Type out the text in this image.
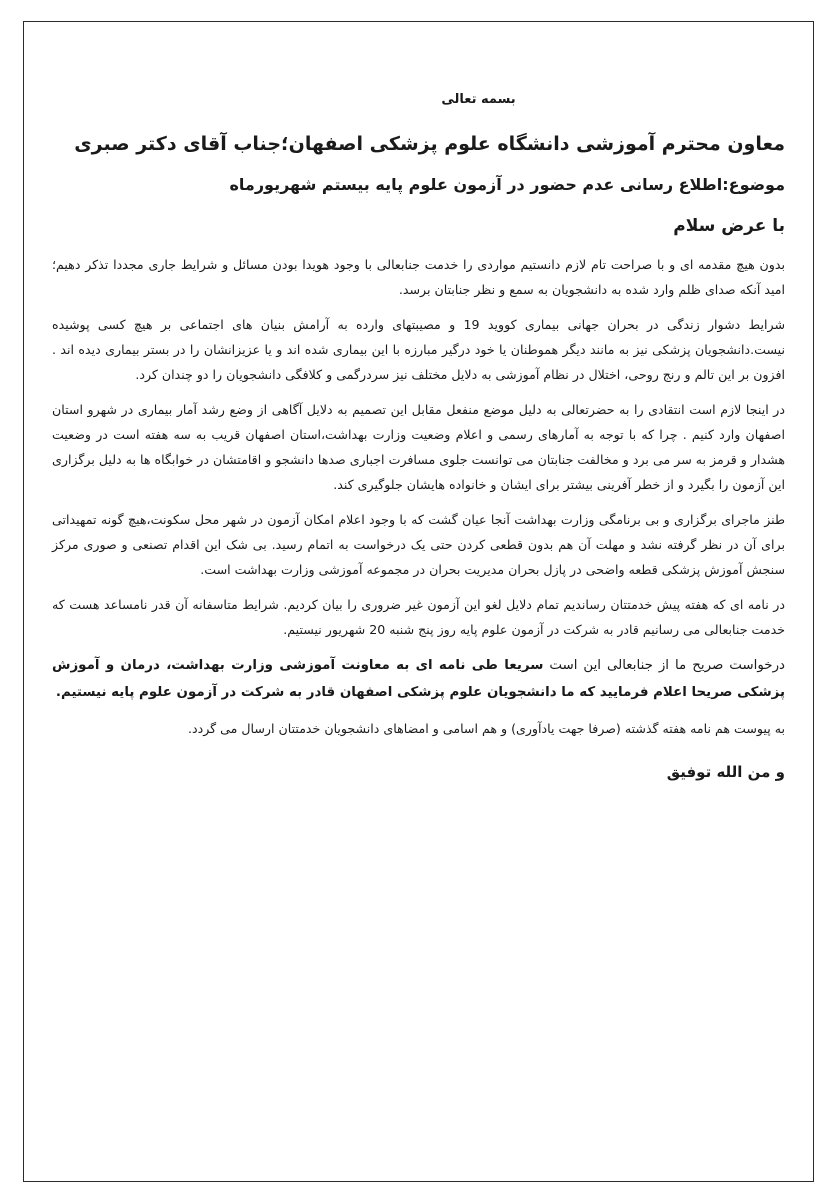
بسمه تعالی
معاون محترم آموزشی دانشگاه علوم پزشکی اصفهان؛جناب آقای دکتر صبری
موضوع:اطلاع رسانی عدم حضور در آزمون علوم پایه بیستم شهریورماه
با عرض سلام

بدون هیچ مقدمه ای و با صراحت تام لازم دانستیم مواردی را خدمت جنابعالی با وجود هویدا بودن مسائل و شرایط جاری مجددا تذکر دهیم؛امید آنکه صدای ظلم وارد شده به دانشجویان به سمع و نظر جنابتان برسد.

شرایط دشوار زندگی در بحران جهانی بیماری کووید 19 و مصیبتهای وارده به آرامش بنیان های اجتماعی بر هیچ کسی پوشیده نیست.دانشجویان پزشکی نیز به مانند دیگر هموطنان یا خود درگیر مبارزه با این بیماری شده اند و یا عزیزانشان را در بستر بیماری دیده اند . افزون بر این تالم و رنج روحی، اختلال در نظام آموزشی به دلایل مختلف نیز سردرگمی و کلافگی دانشجویان را دو چندان کرد.

در اینجا لازم است انتقادی را به حضرتعالی به دلیل موضع منفعل مقابل این تصمیم به دلایل آگاهی از وضع رشد آمار بیماری در شهرو استان اصفهان وارد کنیم . چرا که با توجه به آمارهای رسمی و اعلام وضعیت وزارت بهداشت،استان اصفهان قریب به سه هفته است در وضعیت هشدار و قرمز به سر می برد و مخالفت جنابتان می توانست جلوی مسافرت اجباری صدها دانشجو و اقامتشان در خوابگاه ها به دلیل برگزاری این آزمون را بگیرد و از خطر آفرینی بیشتر برای ایشان و خانواده هایشان جلوگیری کند.

طنز ماجرای برگزاری و بی برنامگی وزارت بهداشت آنجا عیان گشت که با وجود اعلام امکان آزمون در شهر محل سکونت،هیچ گونه تمهیداتی برای آن در نظر گرفته نشد و مهلت آن هم بدون قطعی کردن حتی یک درخواست به اتمام رسید. بی شک این اقدام تصنعی و صوری مرکز سنجش آموزش پزشکی قطعه واضحی در پازل بحران مدیریت بحران در مجموعه آموزشی وزارت بهداشت است.

در نامه ای که هفته پیش خدمتتان رساندیم تمام دلایل لغو این آزمون غیر ضروری را بیان کردیم. شرایط متاسفانه آن قدر نامساعد هست که خدمت جنابعالی می رسانیم قادر به شرکت در آزمون علوم پایه روز پنج شنبه 20 شهریور نیستیم.

درخواست صریح ما از جنابعالی این است سریعا طی نامه ای به معاونت آموزشی وزارت بهداشت، درمان و آموزش پزشکی صریحا اعلام فرمایید که ما دانشجویان علوم پزشکی اصفهان قادر به شرکت در آزمون علوم پایه نیستیم.

به پیوست هم نامه هفته گذشته (صرفا جهت یادآوری) و هم اسامی و امضاهای دانشجویان خدمتتان ارسال می گردد.

و من الله توفیق
